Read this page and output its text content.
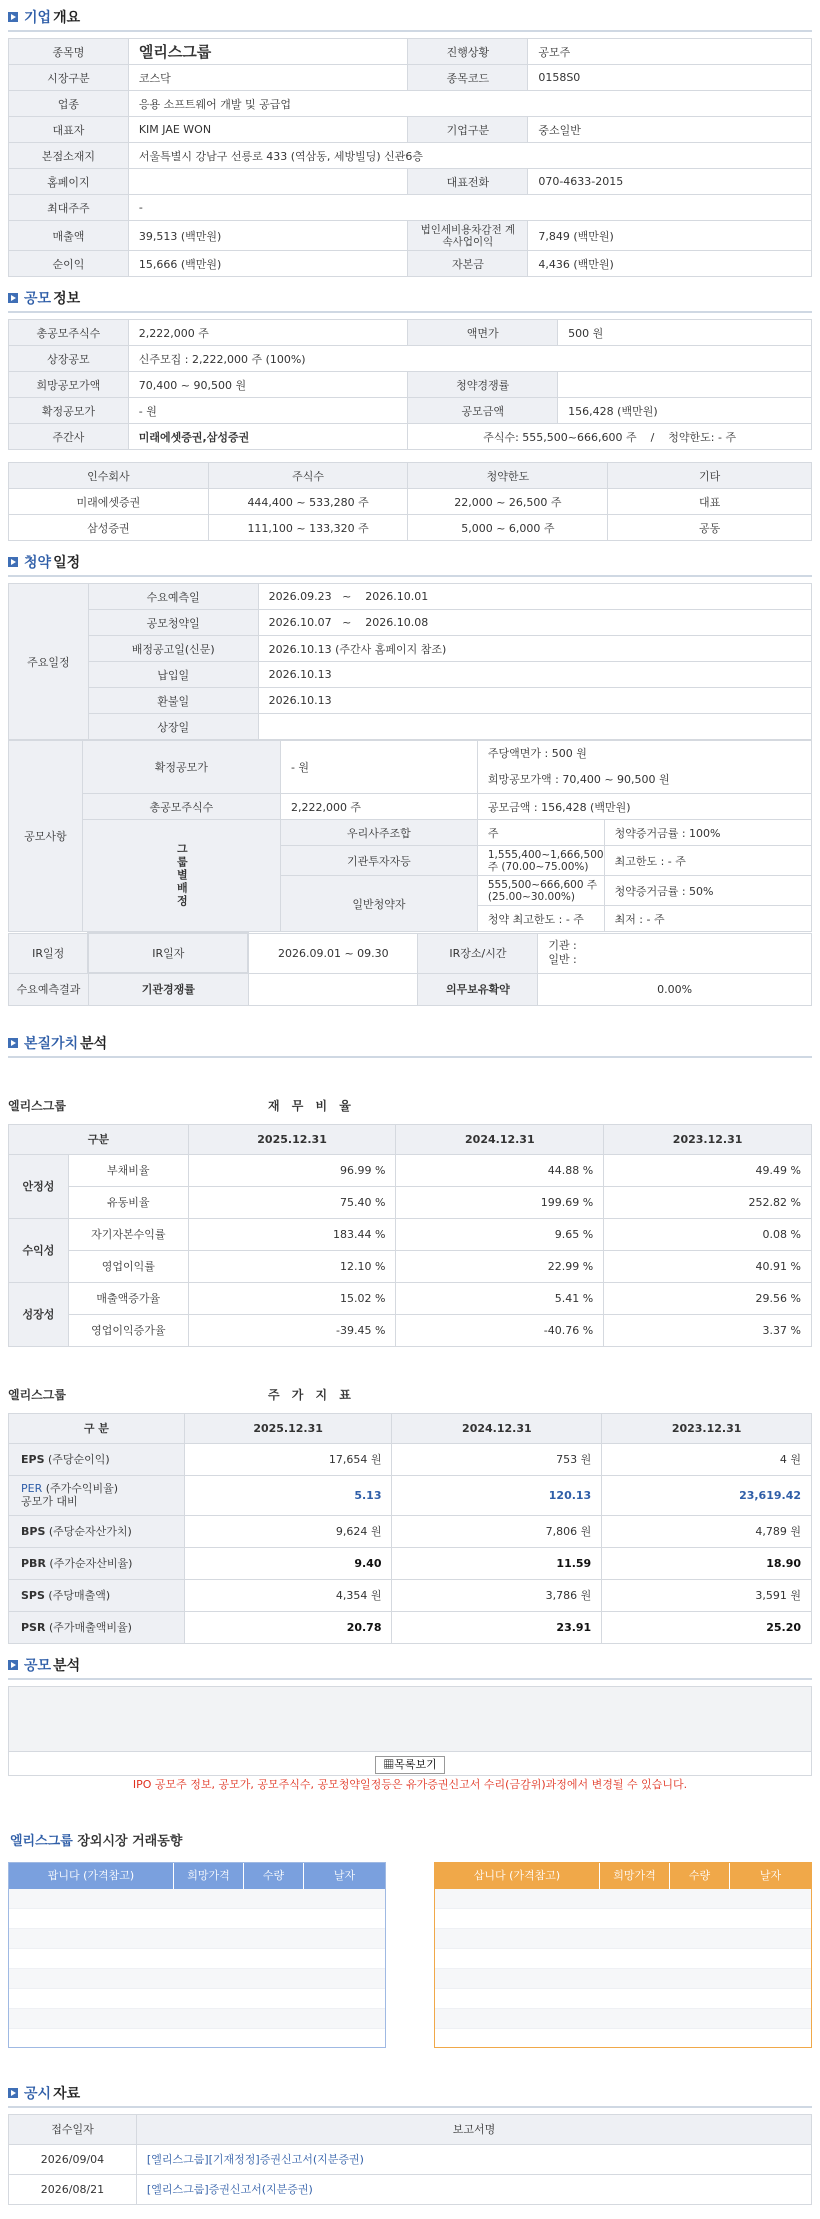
기업 개요
종목명	엘리스그룹	진행상황	공모주
시장구분	코스닥	종목코드	0158S0
업종	응용 소프트웨어 개발 및 공급업		
대표자	KIM JAE WON	기업구분	중소일반
본점소재지	서울특별시 강남구 선릉로 433 (역삼동, 세방빌딩) 신관6층		
홈페이지		대표전화	070-4633-2015
최대주주	-		
매출액	39,513 (백만원)	법인세비용차감전 계속사업이익	7,849 (백만원)
순이익	15,666 (백만원)	자본금	4,436 (백만원)
공모 정보
총공모주식수	2,222,000 주	액면가	500 원
상장공모	신주모집 : 2,222,000 주 (100%)		
희망공모가액	70,400 ~ 90,500 원	청약경쟁률	
확정공모가	- 원	공모금액	156,428 (백만원)
주간사	미래에셋증권,삼성증권	주식수: 555,500~666,600 주    /    청약한도: - 주	
인수회사	주식수	청약한도	기타
미래에셋증권	444,400 ~ 533,280 주	22,000 ~ 26,500 주	대표
삼성증권	111,100 ~ 133,320 주	5,000 ~ 6,000 주	공동
청약 일정
주요일정	수요예측일	2026.09.23   ~    2026.10.01
	공모청약일	2026.10.07   ~    2026.10.08
	배정공고일(신문)	2026.10.13 (주간사 홈페이지 참조)
	납입일	2026.10.13
	환불일	2026.10.13
	상장일	
공모사항	확정공모가	- 원	주당액면가 : 500 원
희망공모가액 : 70,400 ~ 90,500 원	

	총공모주식수	2,222,000 주	공모금액 : 156,428 (백만원)	
	그룹별배정	우리사주조합	주	청약증거금률 : 100%
		기관투자자등	1,555,400~1,666,500 주 (70.00~75.00%)	최고한도 : - 주
		일반청약자	555,500~666,600 주 (25.00~30.00%)	청약증거금률 : 50%
			청약 최고한도 : - 주	최저 : - 주
IR일정	IR일자	2026.09.01 ~ 09.30	IR장소/시간	기관 :
일반 :

수요예측결과	기관경쟁률		의무보유확약	0.00%
본질가치 분석
엘리스그룹	재 무 비 율
구분		2025.12.31	2024.12.31	2023.12.31
안정성	부채비율	96.99 %	44.88 %	49.49 %
	유동비율	75.40 %	199.69 %	252.82 %
수익성	자기자본수익률	183.44 %	9.65 %	0.08 %
	영업이익률	12.10 %	22.99 %	40.91 %
성장성	매출액증가율	15.02 %	5.41 %	29.56 %
	영업이익증가율	-39.45 %	-40.76 %	3.37 %
엘리스그룹	주 가 지 표
구 분	2025.12.31	2024.12.31	2023.12.31
EPS (주당순이익)	17,654 원	753 원	4 원

PER (주가수익비율)
공모가 대비	5.13	120.13	23,619.42
BPS (주당순자산가치)	9,624 원	7,806 원	4,789 원
PBR (주가순자산비율)	9.40	11.59	18.90
SPS (주당매출액)	4,354 원	3,786 원	3,591 원
PSR (주가매출액비율)	20.78	23.91	25.20
공모 분석
▦목록보기
IPO 공모주 정보, 공모가, 공모주식수, 공모청약일정등은 유가증권신고서 수리(금감위)과정에서 변경될 수 있습니다.
엘리스그룹 장외시장 거래동향
팝니다 (가격참고)	희망가격	수량	날자	삽니다 (가격참고)	희망가격	수량	날자
공시 자료
접수일자	보고서명
2026/09/04	[엘리스그룹][기재정정]증권신고서(지분증권)
2026/08/21	[엘리스그룹]증권신고서(지분증권)
